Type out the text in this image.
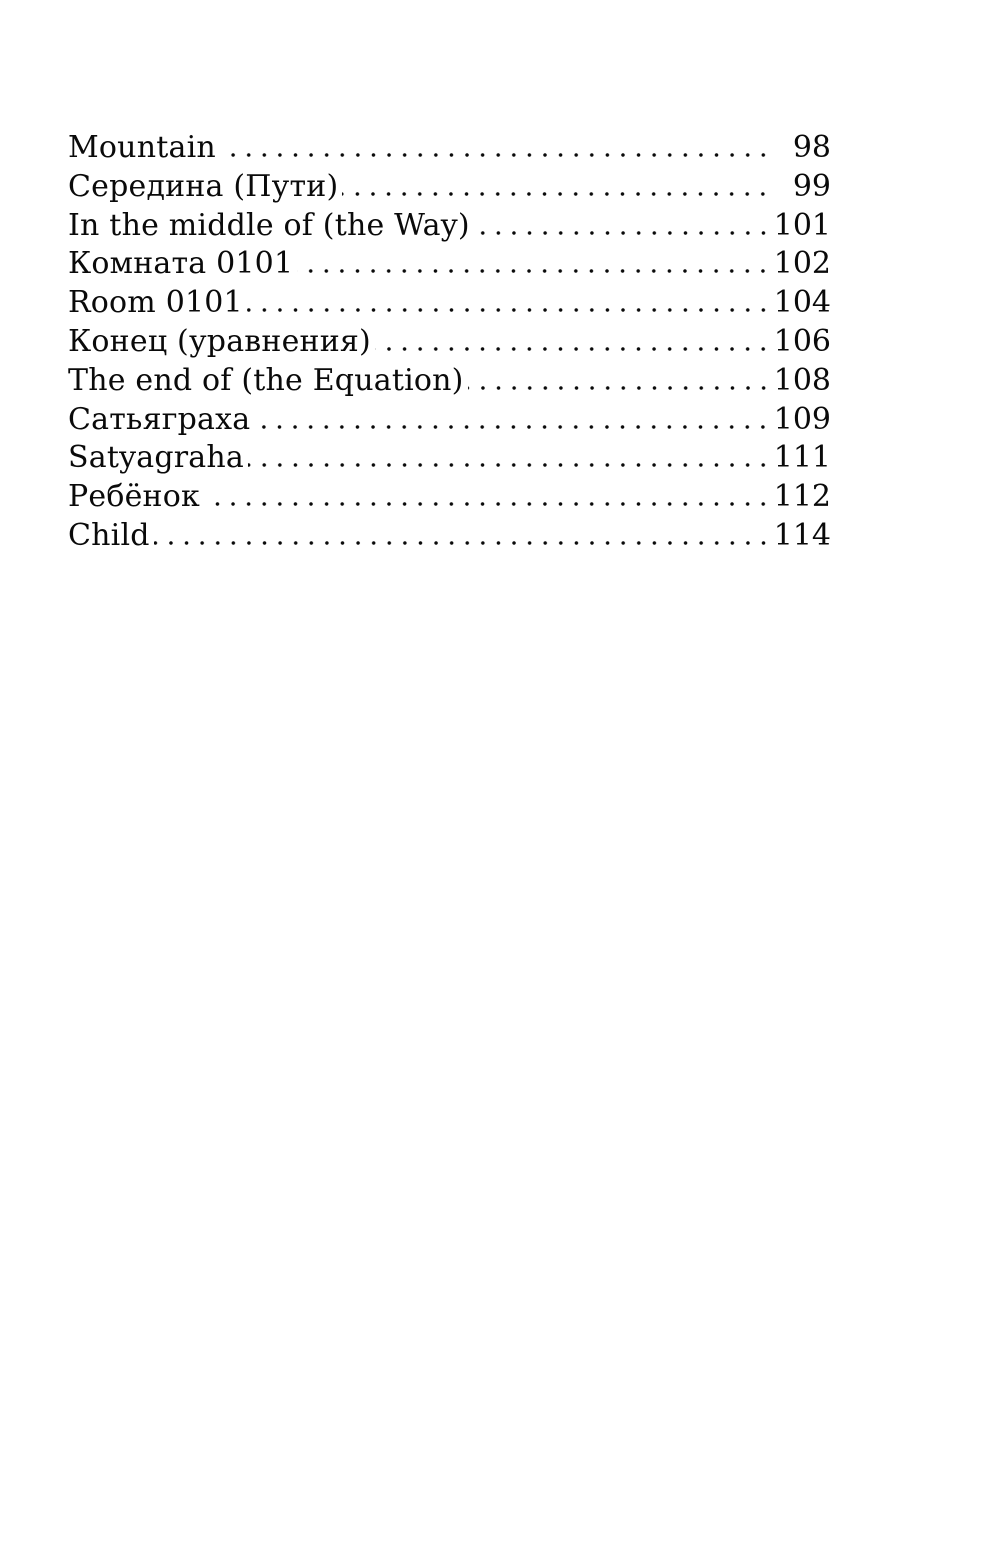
Mountain	98
Середина (Пути)	99
In the middle of (the Way)	101
Комната 0101	102
Room 0101	104
Конец (уравнения)	106
The end of (the Equation)	108
Сатьяграха	109
Satyagraha	111
Ребёнок	112
Child	114
